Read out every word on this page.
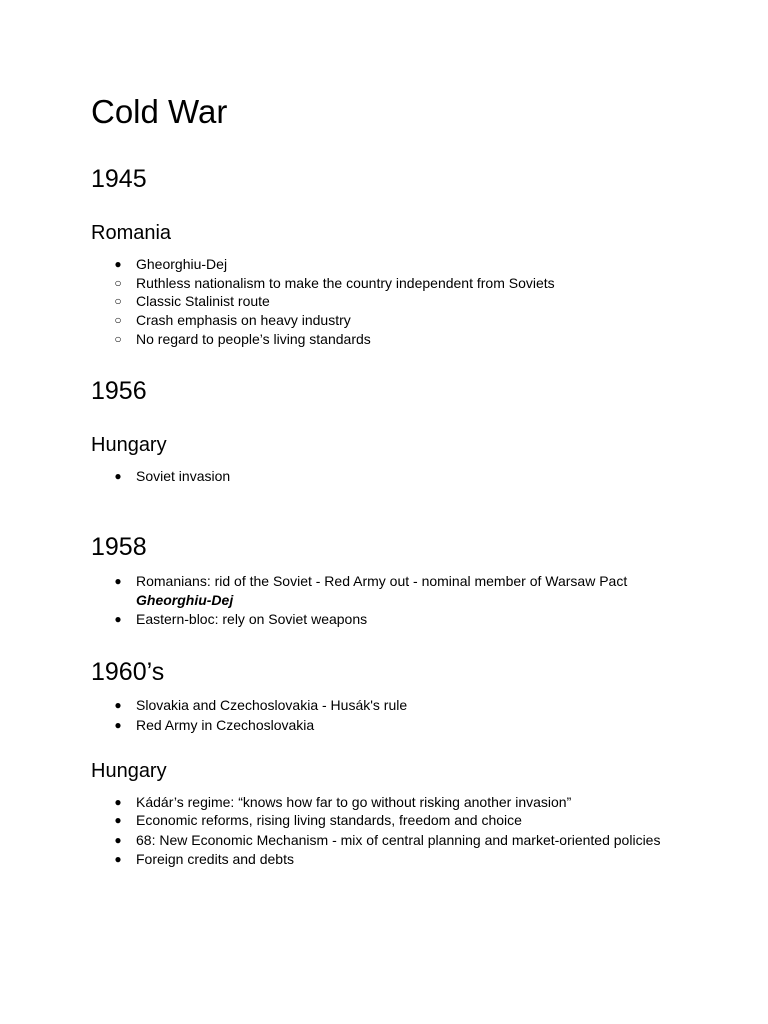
Cold War
1945
Romania
● Gheorghiu-Dej
○ Ruthless nationalism to make the country independent from Soviets
○ Classic Stalinist route
○ Crash emphasis on heavy industry
○ No regard to people’s living standards
1956
Hungary
● Soviet invasion
1958
● Romanians: rid of the Soviet - Red Army out - nominal member of Warsaw Pact
Gheorghiu-Dej
● Eastern-bloc: rely on Soviet weapons
1960’s
● Slovakia and Czechoslovakia - Husák's rule
● Red Army in Czechoslovakia
Hungary
● Kádár’s regime: “knows how far to go without risking another invasion”
● Economic reforms, rising living standards, freedom and choice
● 68: New Economic Mechanism - mix of central planning and market-oriented policies
● Foreign credits and debts
